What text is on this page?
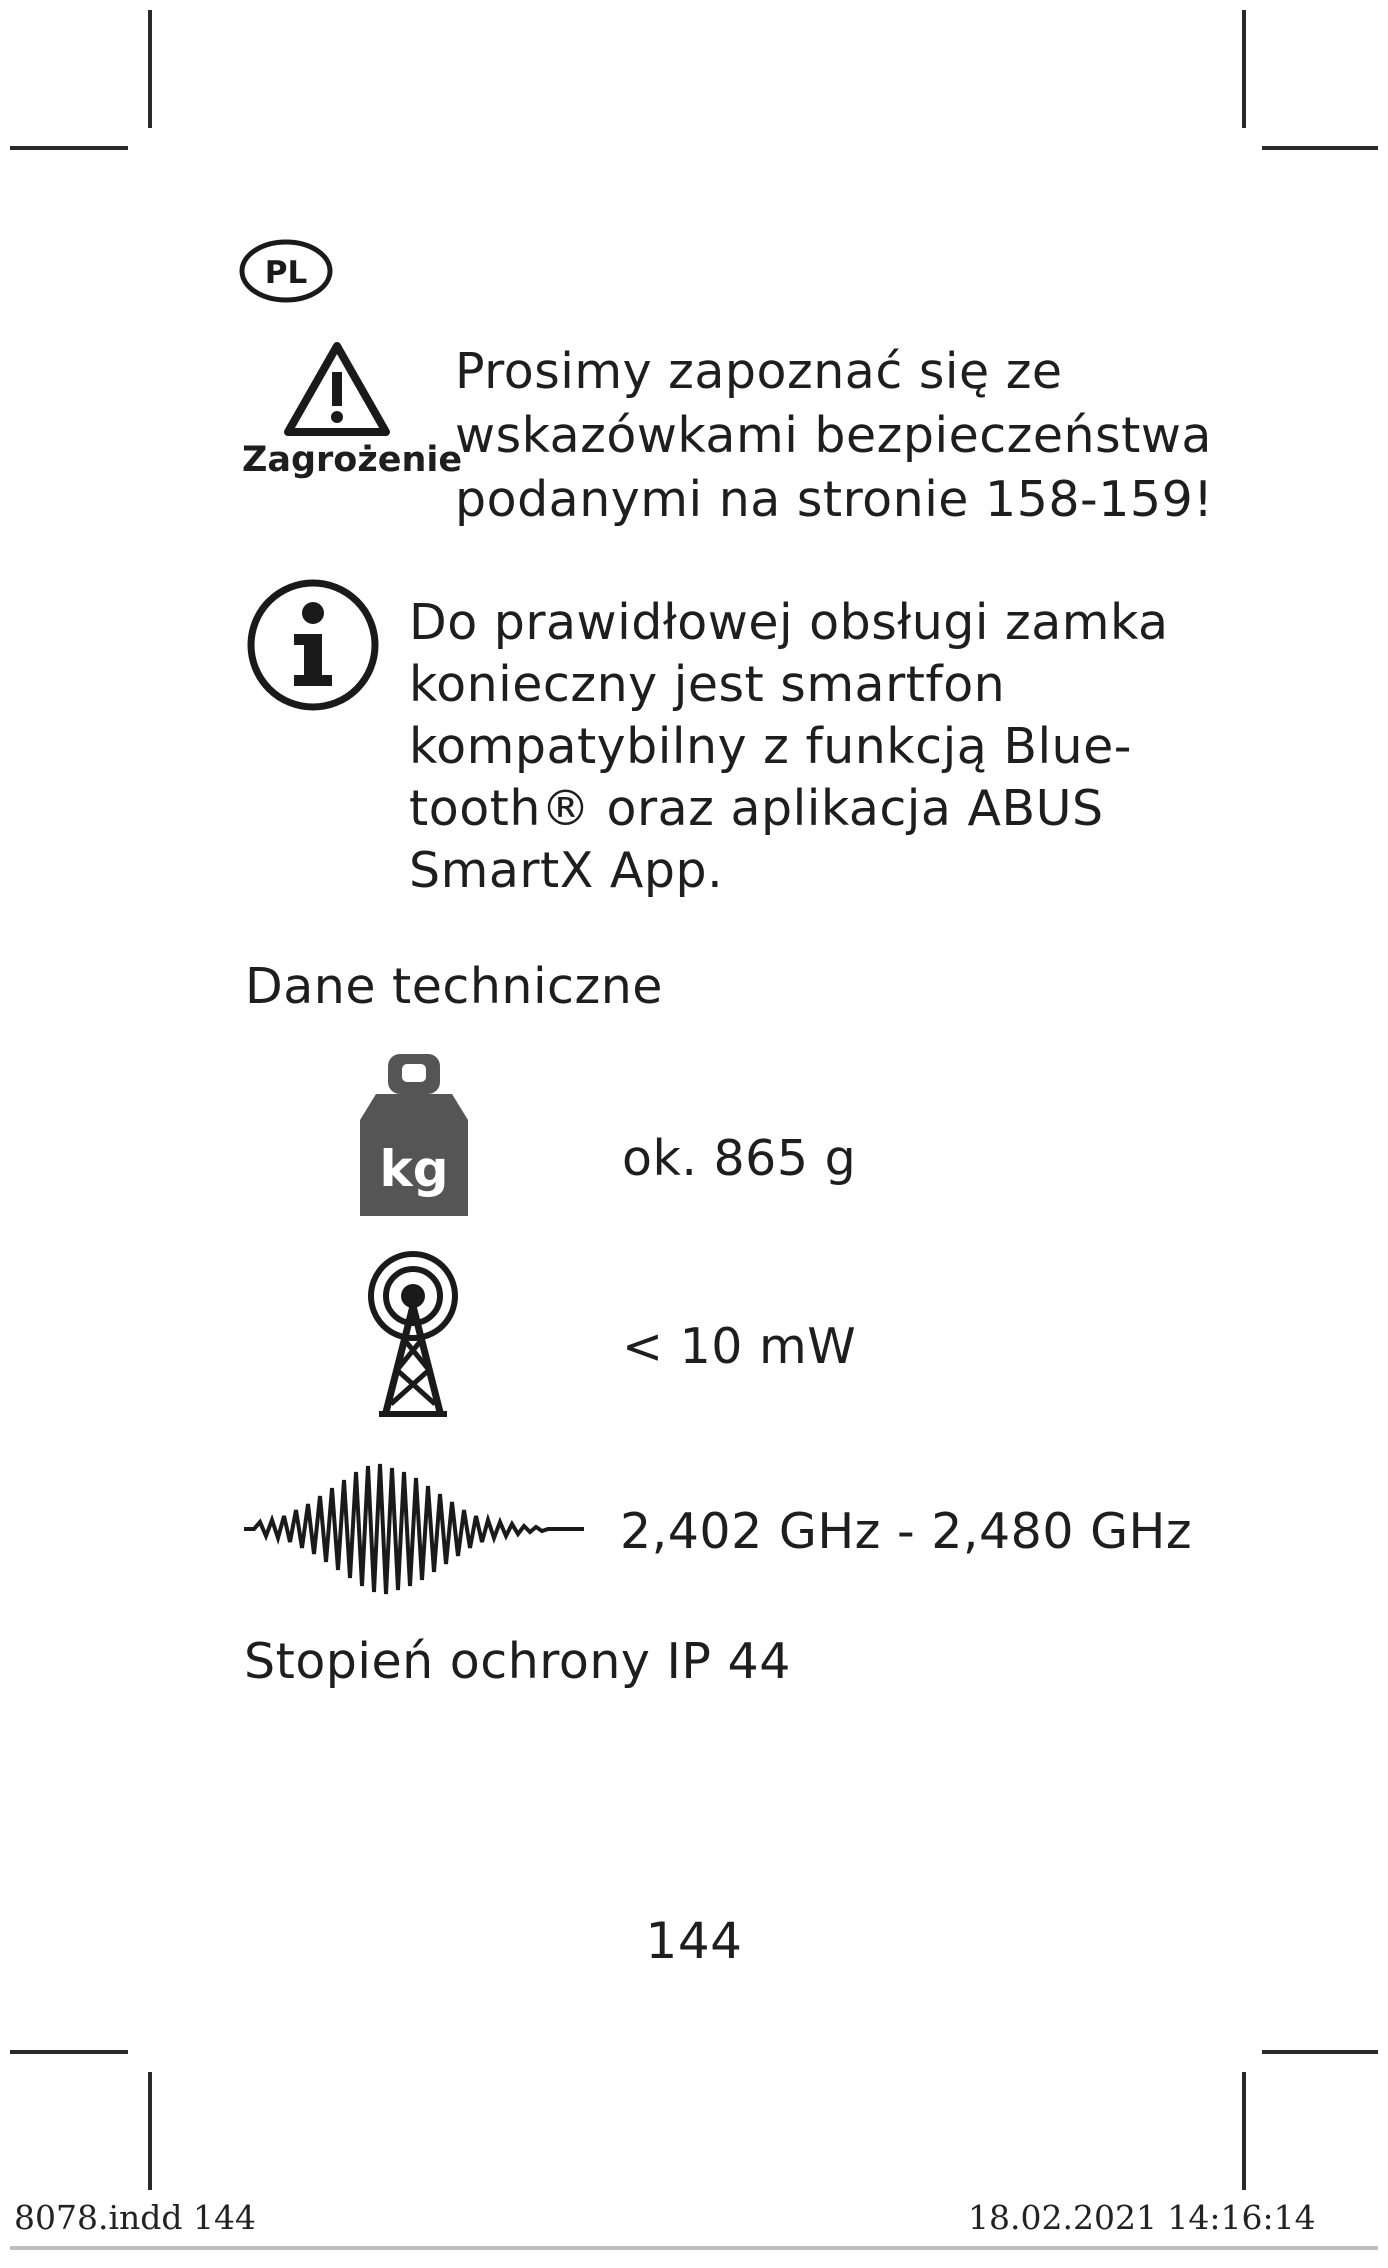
PL
Zagrożenie
Prosimy zapoznać się ze
wskazówkami bezpieczeństwa
podanymi na stronie 158-159!
Do prawidłowej obsługi zamka
konieczny jest smartfon
kompatybilny z funkcją Blue-
tooth® oraz aplikacja ABUS
SmartX App.
Dane techniczne
kg	ok. 865 g
< 10 mW
2,402 GHz - 2,480 GHz
Stopień ochrony IP 44
144
8078.indd 144	18.02.2021 14:16:14
